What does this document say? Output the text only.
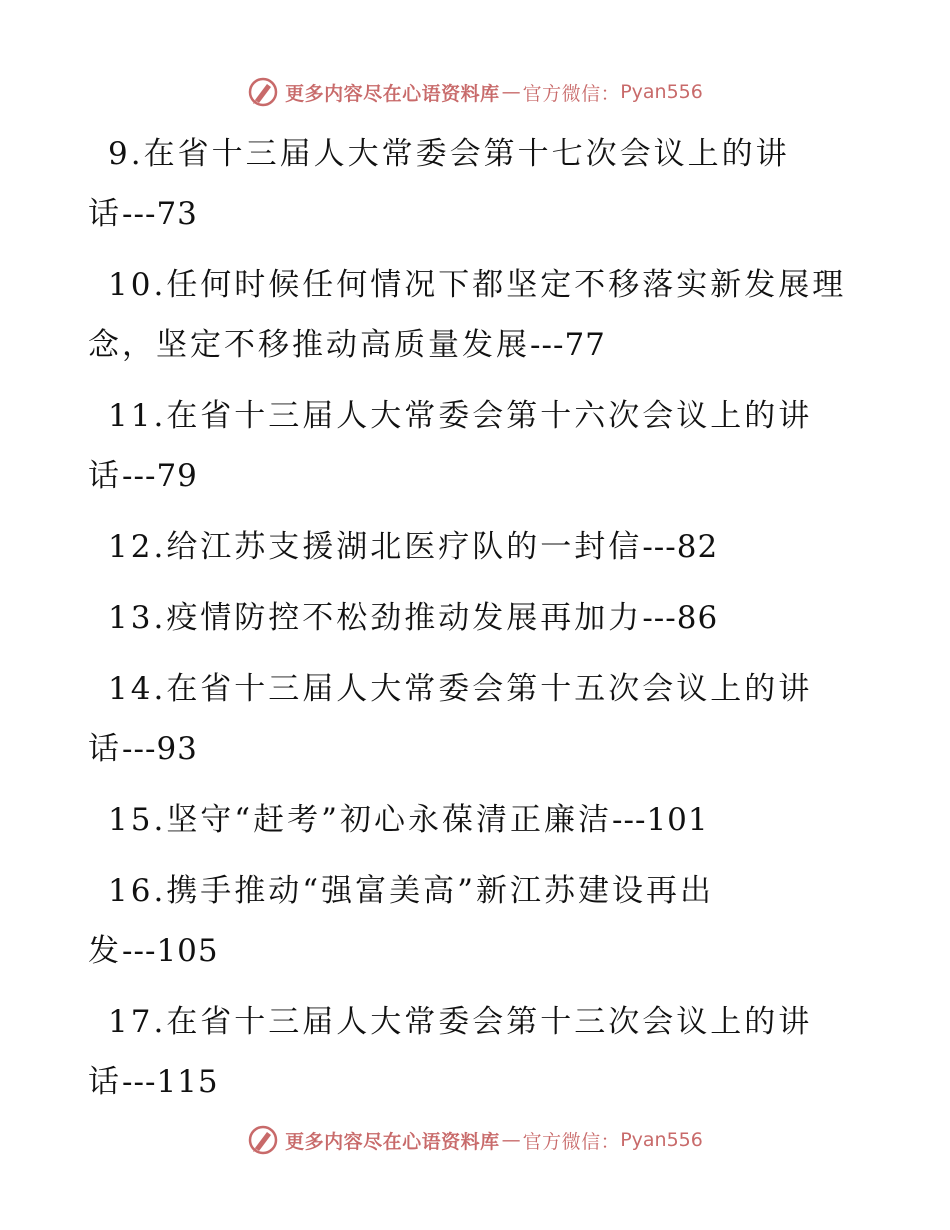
更多内容尽在心语资料库 — 官方微信： Pyan556
9.在省十三届人大常委会第十七次会议上的讲
话---73
10.任何时候任何情况下都坚定不移落实新发展理
念，坚定不移推动高质量发展---77
11.在省十三届人大常委会第十六次会议上的讲
话---79
12.给江苏支援湖北医疗队的一封信---82
13.疫情防控不松劲推动发展再加力---86
14.在省十三届人大常委会第十五次会议上的讲
话---93
15.坚守“赶考”初心永葆清正廉洁---101
16.携手推动“强富美高”新江苏建设再出
发---105
17.在省十三届人大常委会第十三次会议上的讲
话---115
更多内容尽在心语资料库 — 官方微信： Pyan556
